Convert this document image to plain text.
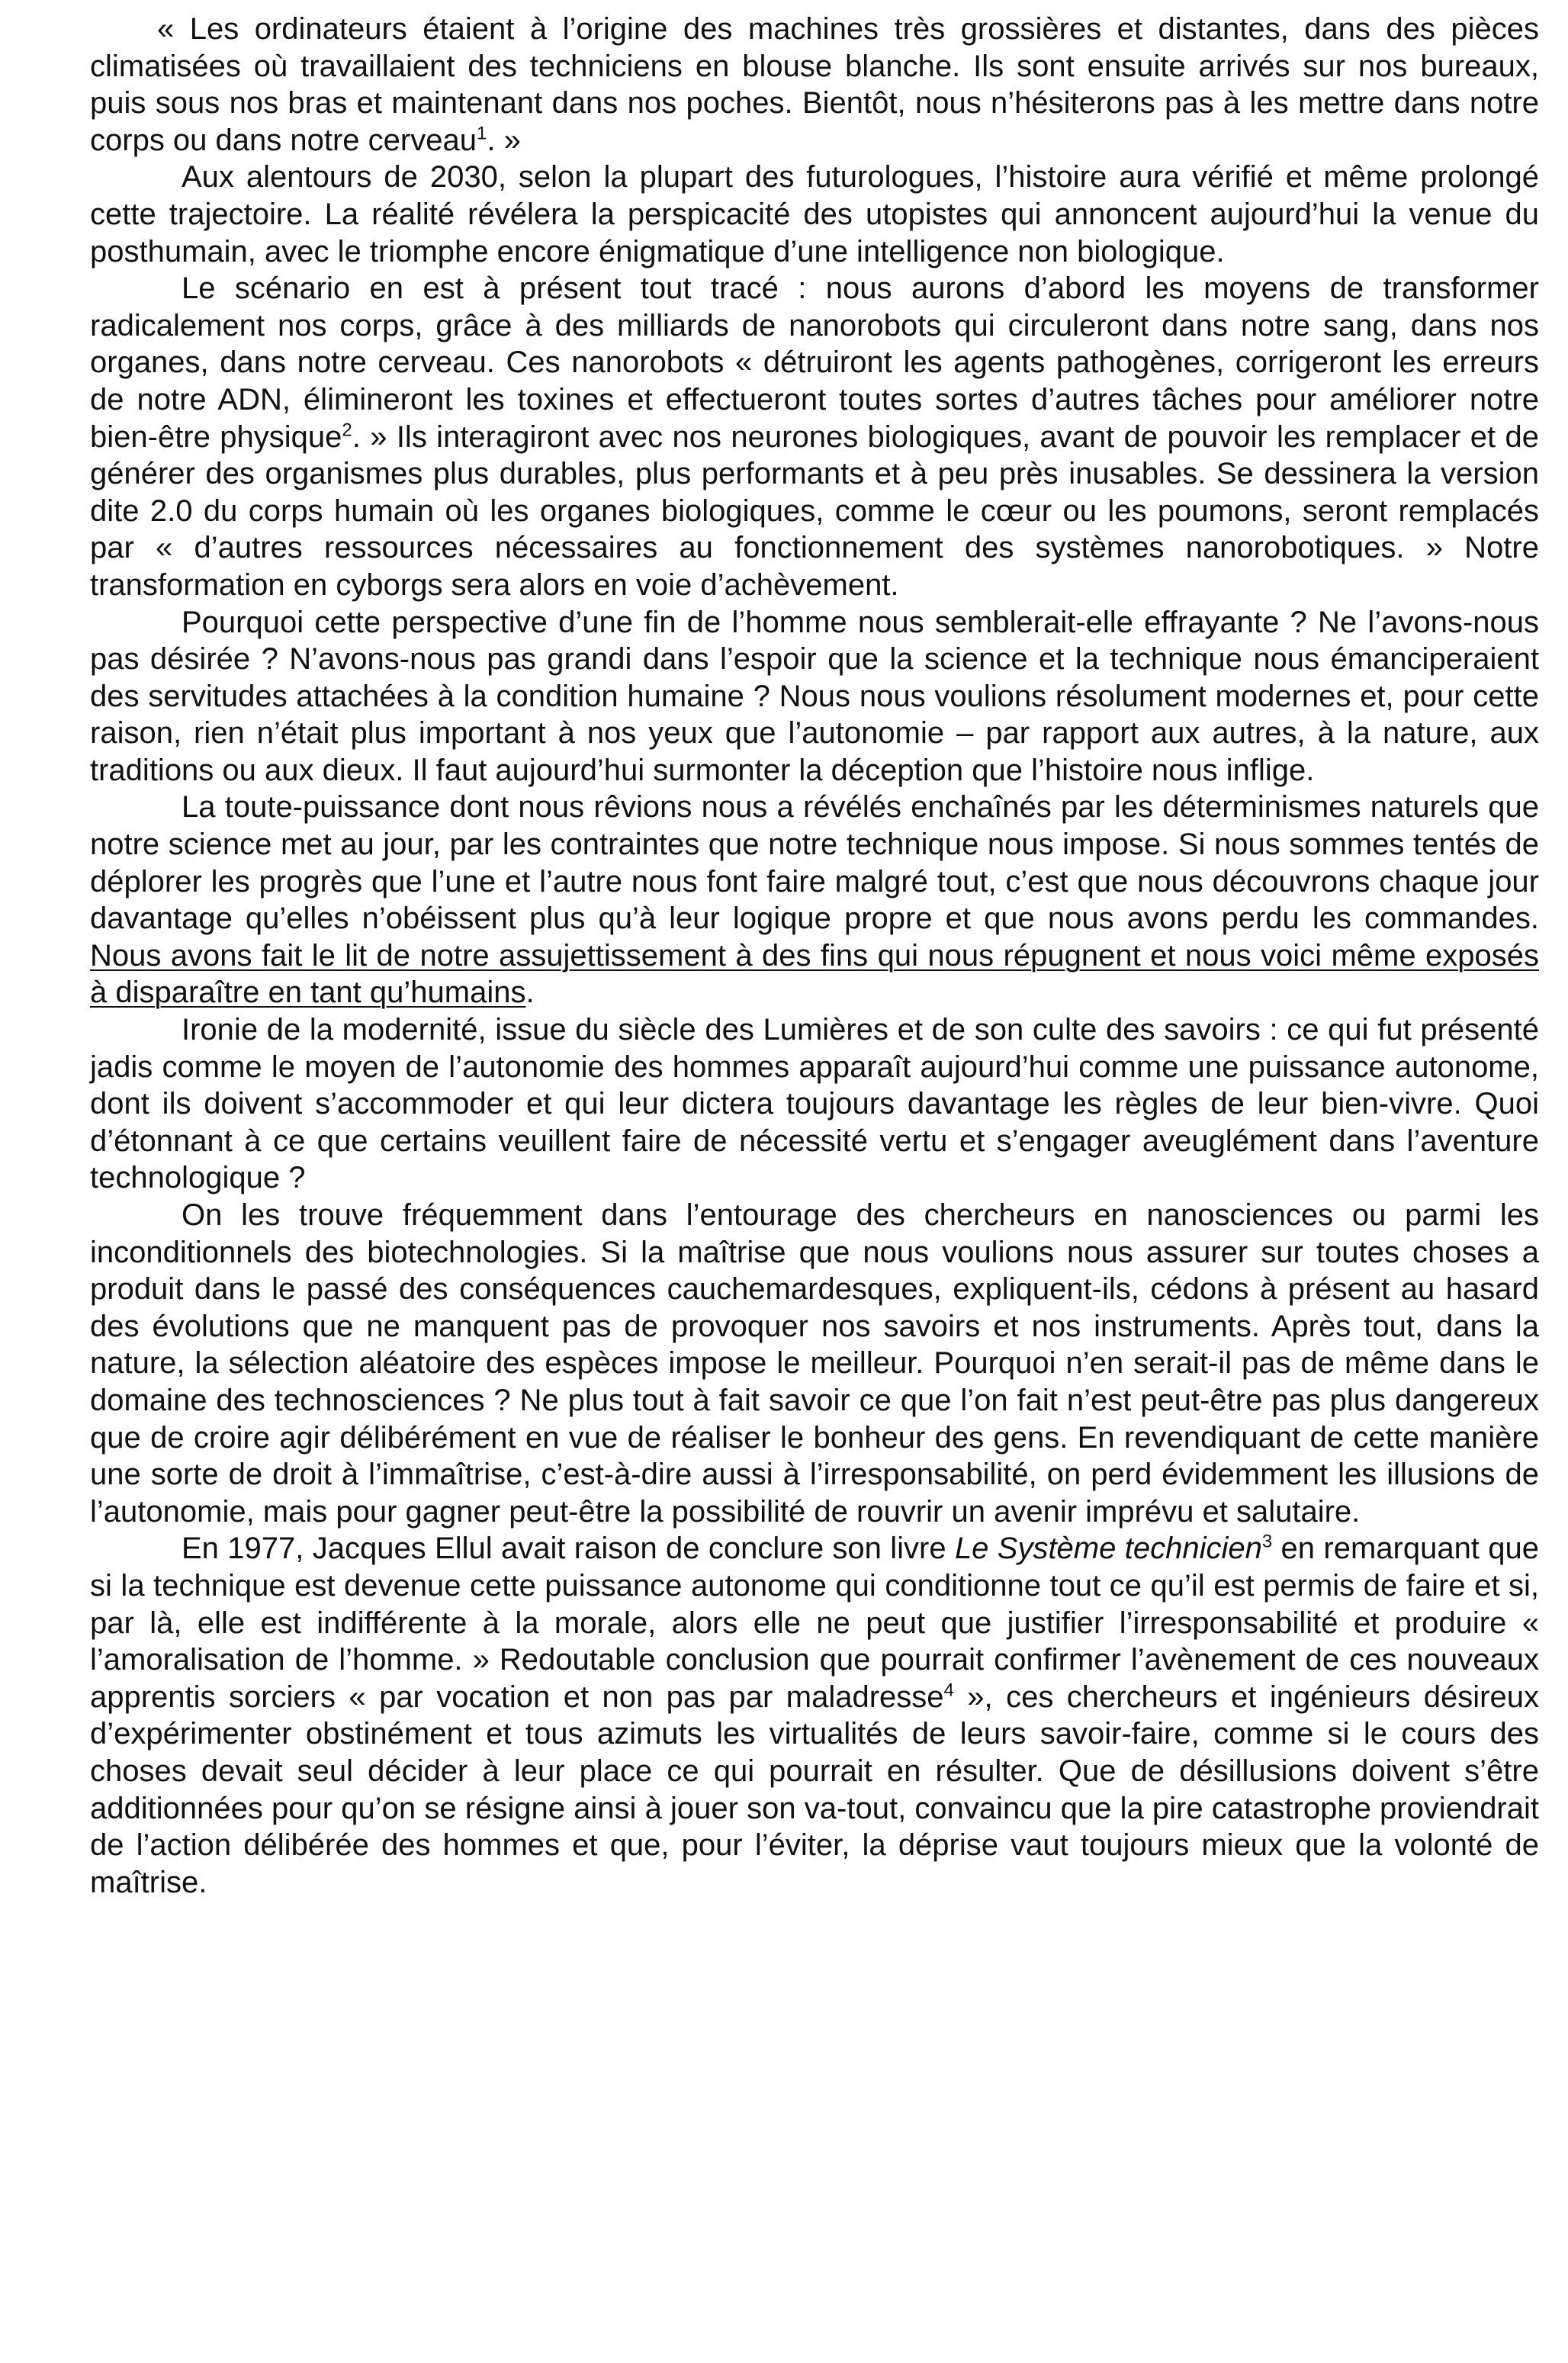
« Les ordinateurs étaient à l’origine des machines très grossières et distantes, dans des pièces climatisées où travaillaient des techniciens en blouse blanche. Ils sont ensuite arrivés sur nos bureaux, puis sous nos bras et maintenant dans nos poches. Bientôt, nous n’hésiterons pas à les mettre dans notre corps ou dans notre cerveau$^1$. »

Aux alentours de 2030, selon la plupart des futurologues, l’histoire aura vérifié et même prolongé cette trajectoire. La réalité révélera la perspicacité des utopistes qui annoncent aujourd’hui la venue du posthumain, avec le triomphe encore énigmatique d’une intelligence non biologique.

Le scénario en est à présent tout tracé : nous aurons d’abord les moyens de transformer radicalement nos corps, grâce à des milliards de nanorobots qui circuleront dans notre sang, dans nos organes, dans notre cerveau. Ces nanorobots « détruiront les agents pathogènes, corrigeront les erreurs de notre ADN, élimineront les toxines et effectueront toutes sortes d’autres tâches pour améliorer notre bien-être physique$^2$. » Ils interagiront avec nos neurones biologiques, avant de pouvoir les remplacer et de générer des organismes plus durables, plus performants et à peu près inusables. Se dessinera la version dite 2.0 du corps humain où les organes biologiques, comme le cœur ou les poumons, seront remplacés par « d’autres ressources nécessaires au fonctionnement des systèmes nanorobotiques. » Notre transformation en cyborgs sera alors en voie d’achèvement.

Pourquoi cette perspective d’une fin de l’homme nous semblerait-elle effrayante ? Ne l’avons-nous pas désirée ? N’avons-nous pas grandi dans l’espoir que la science et la technique nous émanciperaient des servitudes attachées à la condition humaine ? Nous nous voulions résolument modernes et, pour cette raison, rien n’était plus important à nos yeux que l’autonomie – par rapport aux autres, à la nature, aux traditions ou aux dieux. Il faut aujourd’hui surmonter la déception que l’histoire nous inflige.

La toute-puissance dont nous rêvions nous a révélés enchaînés par les déterminismes naturels que notre science met au jour, par les contraintes que notre technique nous impose. Si nous sommes tentés de déplorer les progrès que l’une et l’autre nous font faire malgré tout, c’est que nous découvrons chaque jour davantage qu’elles n’obéissent plus qu’à leur logique propre et que nous avons perdu les commandes. Nous avons fait le lit de notre assujettissement à des fins qui nous répugnent et nous voici même exposés à disparaître en tant qu’humains.

Ironie de la modernité, issue du siècle des Lumières et de son culte des savoirs : ce qui fut présenté jadis comme le moyen de l’autonomie des hommes apparaît aujourd’hui comme une puissance autonome, dont ils doivent s’accommoder et qui leur dictera toujours davantage les règles de leur bien-vivre. Quoi d’étonnant à ce que certains veuillent faire de nécessité vertu et s’engager aveuglément dans l’aventure technologique ?

On les trouve fréquemment dans l’entourage des chercheurs en nanosciences ou parmi les inconditionnels des biotechnologies. Si la maîtrise que nous voulions nous assurer sur toutes choses a produit dans le passé des conséquences cauchemardesques, expliquent-ils, cédons à présent au hasard des évolutions que ne manquent pas de provoquer nos savoirs et nos instruments. Après tout, dans la nature, la sélection aléatoire des espèces impose le meilleur. Pourquoi n’en serait-il pas de même dans le domaine des technosciences ? Ne plus tout à fait savoir ce que l’on fait n’est peut-être pas plus dangereux que de croire agir délibérément en vue de réaliser le bonheur des gens. En revendiquant de cette manière une sorte de droit à l’immaîtrise, c’est-à-dire aussi à l’irresponsabilité, on perd évidemment les illusions de l’autonomie, mais pour gagner peut-être la possibilité de rouvrir un avenir imprévu et salutaire.

En 1977, Jacques Ellul avait raison de conclure son livre Le Système technicien$^3$ en remarquant que si la technique est devenue cette puissance autonome qui conditionne tout ce qu’il est permis de faire et si, par là, elle est indifférente à la morale, alors elle ne peut que justifier l’irresponsabilité et produire « l’amoralisation de l’homme. » Redoutable conclusion que pourrait confirmer l’avènement de ces nouveaux apprentis sorciers « par vocation et non pas par maladresse$^4$ », ces chercheurs et ingénieurs désireux d’expérimenter obstinément et tous azimuts les virtualités de leurs savoir-faire, comme si le cours des choses devait seul décider à leur place ce qui pourrait en résulter. Que de désillusions doivent s’être additionnées pour qu’on se résigne ainsi à jouer son va-tout, convaincu que la pire catastrophe proviendrait de l’action délibérée des hommes et que, pour l’éviter, la déprise vaut toujours mieux que la volonté de maîtrise.
